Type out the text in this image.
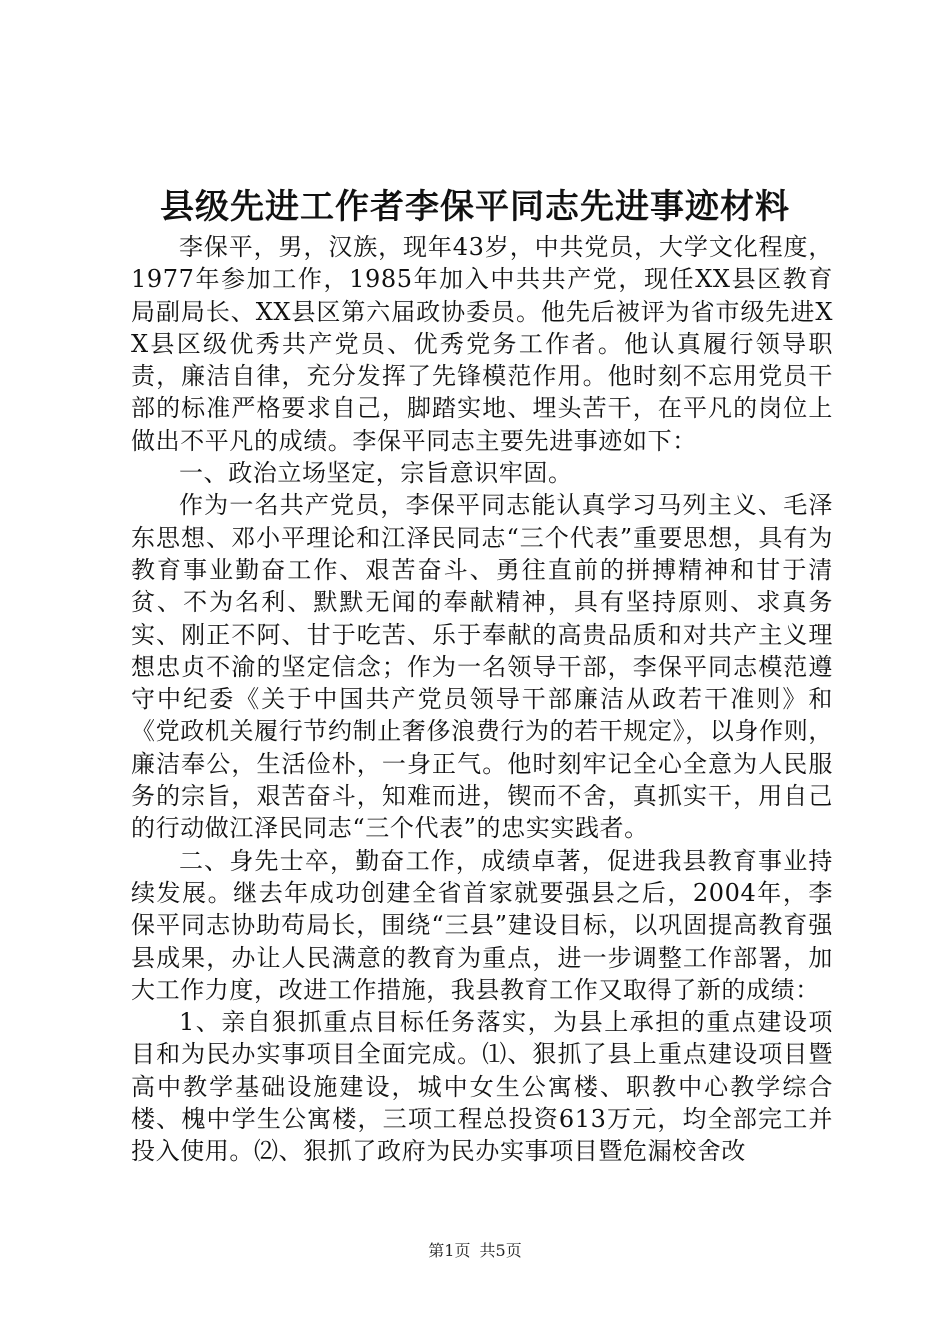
县级先进工作者李保平同志先进事迹材料

李保平，男，汉族，现年43岁，中共党员，大学文化程度，1977年参加工作，1985年加入中共共产党，现任XX县区教育局副局长、XX县区第六届政协委员。他先后被评为省市级先进XX县区级优秀共产党员、优秀党务工作者。他认真履行领导职责，廉洁自律，充分发挥了先锋模范作用。他时刻不忘用党员干部的标准严格要求自己，脚踏实地、埋头苦干，在平凡的岗位上做出不平凡的成绩。李保平同志主要先进事迹如下：

一、政治立场坚定，宗旨意识牢固。

作为一名共产党员，李保平同志能认真学习马列主义、毛泽东思想、邓小平理论和江泽民同志“三个代表”重要思想，具有为教育事业勤奋工作、艰苦奋斗、勇往直前的拼搏精神和甘于清贫、不为名利、默默无闻的奉献精神，具有坚持原则、求真务实、刚正不阿、甘于吃苦、乐于奉献的高贵品质和对共产主义理想忠贞不渝的坚定信念；作为一名领导干部，李保平同志模范遵守中纪委《关于中国共产党员领导干部廉洁从政若干准则》和《党政机关履行节约制止奢侈浪费行为的若干规定》，以身作则，廉洁奉公，生活俭朴，一身正气。他时刻牢记全心全意为人民服务的宗旨，艰苦奋斗，知难而进，锲而不舍，真抓实干，用自己的行动做江泽民同志“三个代表”的忠实实践者。

二、身先士卒，勤奋工作，成绩卓著，促进我县教育事业持续发展。继去年成功创建全省首家就要强县之后，2004年，李保平同志协助苟局长，围绕“三县”建设目标，以巩固提高教育强县成果，办让人民满意的教育为重点，进一步调整工作部署，加大工作力度，改进工作措施，我县教育工作又取得了新的成绩：

1、亲自狠抓重点目标任务落实，为县上承担的重点建设项目和为民办实事项目全面完成。⑴、狠抓了县上重点建设项目暨高中教学基础设施建设，城中女生公寓楼、职教中心教学综合楼、槐中学生公寓楼，三项工程总投资613万元，均全部完工并投入使用。⑵、狠抓了政府为民办实事项目暨危漏校舍改

第1页 共5页
